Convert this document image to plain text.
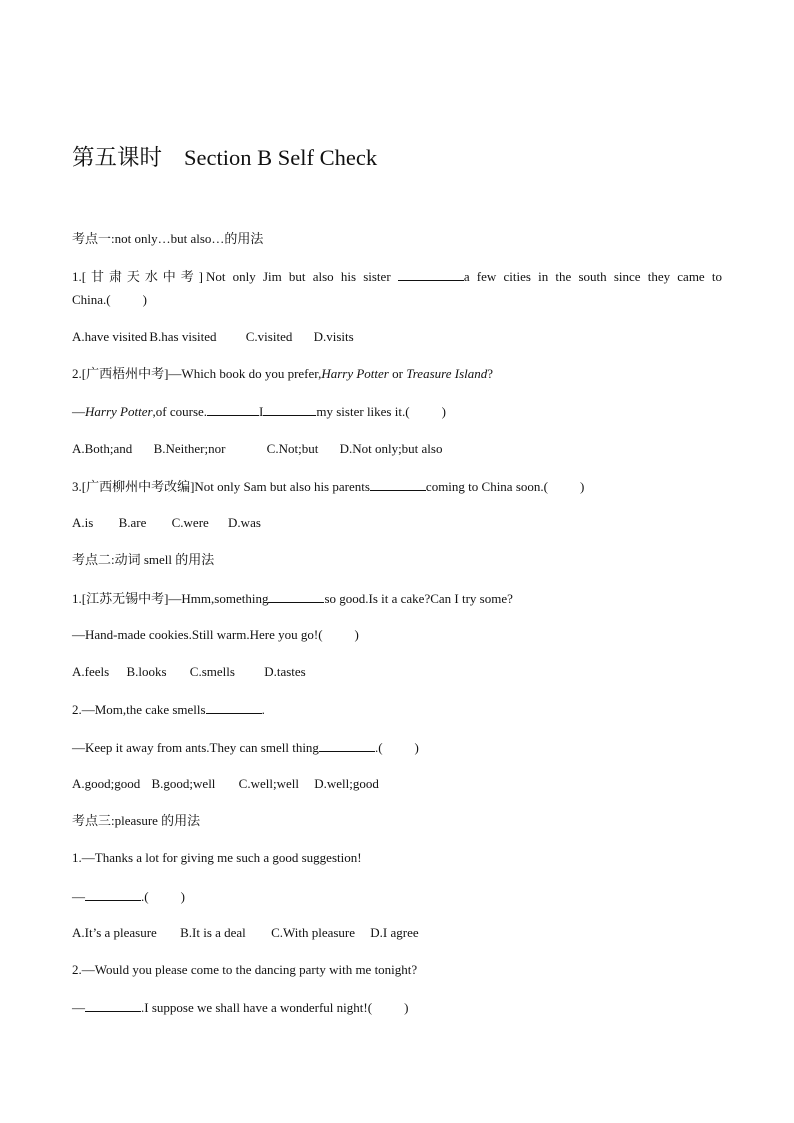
第五课时 Section B Self Check
考点一:not only…but also…的用法
1.[甘肃天水中考]Not only Jim but also his sister	a few cities in the south since they came to
China.( )
A.have visited B.has visited C.visited D.visits
2.[广西梧州中考]—Which book do you prefer,Harry Potter or Treasure Island?
—Harry Potter,of course.	I	my sister likes it.( )
A.Both;and B.Neither;nor	C.Not;but D.Not only;but also
3.[广西柳州中考改编]Not only Sam but also his parents	coming to China soon.( )
A.is B.are C.were D.was
考点二:动词 smell 的用法
1.[江苏无锡中考]—Hmm,something	so good.Is it a cake?Can I try some?
—Hand-made cookies.Still warm.Here you go!( )
A.feels B.looks C.smells D.tastes
2.—Mom,the cake smells	.
—Keep it away from ants.They can smell thing	.( )
A.good;good B.good;well C.well;well D.well;good
考点三:pleasure 的用法
1.—Thanks a lot for giving me such a good suggestion!
—	.( )
A.It’s a pleasure B.It is a deal C.With pleasure D.I agree
2.—Would you please come to the dancing party with me tonight?
—	.I suppose we shall have a wonderful night!( )
